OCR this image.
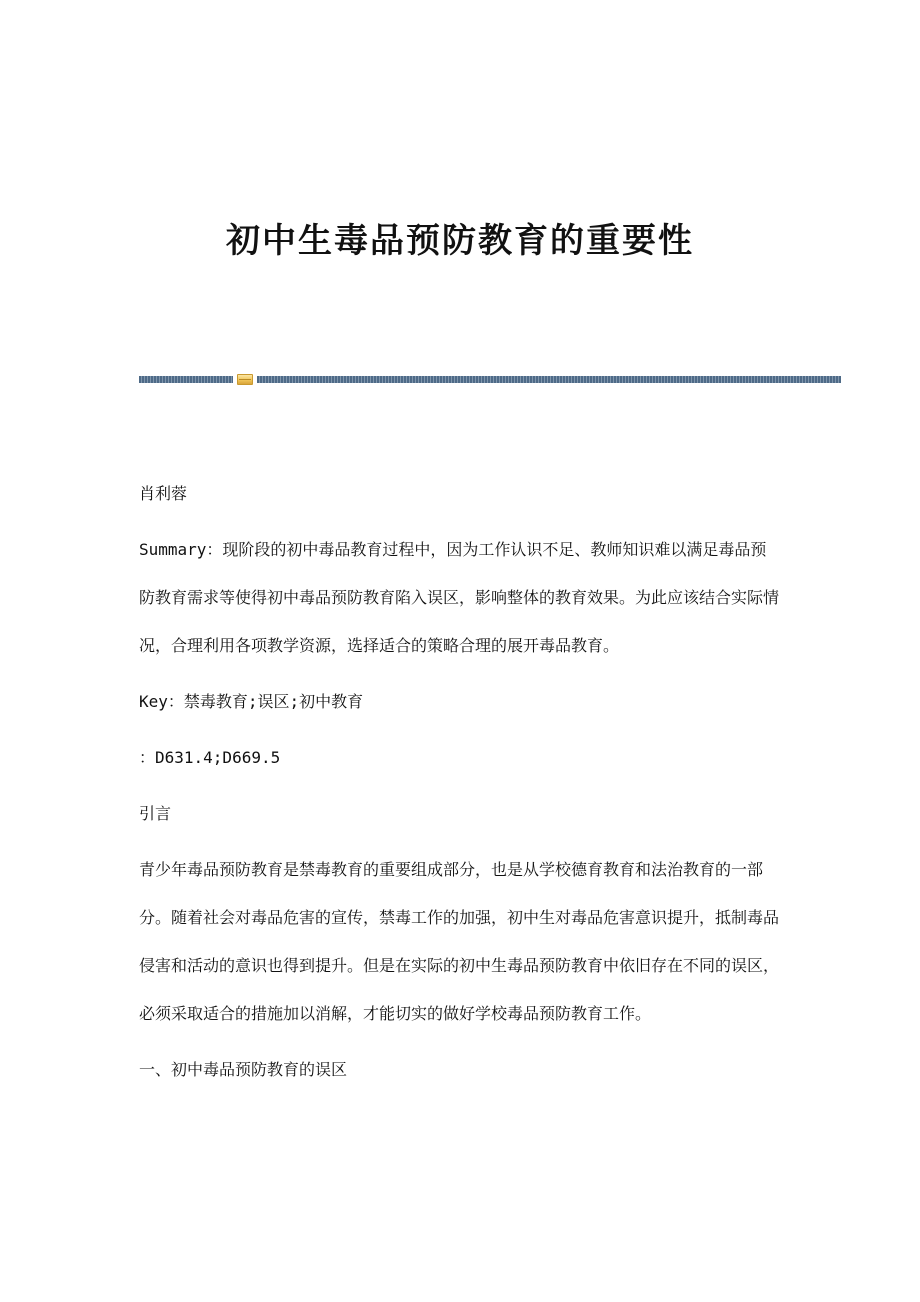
初中生毒品预防教育的重要性

肖利蓉

Summary：现阶段的初中毒品教育过程中，因为工作认识不足、教师知识难以满足毒品预防教育需求等使得初中毒品预防教育陷入误区，影响整体的教育效果。为此应该结合实际情况，合理利用各项教学资源，选择适合的策略合理的展开毒品教育。

Key：禁毒教育;误区;初中教育

：D631.4;D669.5

引言

青少年毒品预防教育是禁毒教育的重要组成部分，也是从学校德育教育和法治教育的一部分。随着社会对毒品危害的宣传，禁毒工作的加强，初中生对毒品危害意识提升，抵制毒品侵害和活动的意识也得到提升。但是在实际的初中生毒品预防教育中依旧存在不同的误区，必须采取适合的措施加以消解，才能切实的做好学校毒品预防教育工作。

一、初中毒品预防教育的误区
